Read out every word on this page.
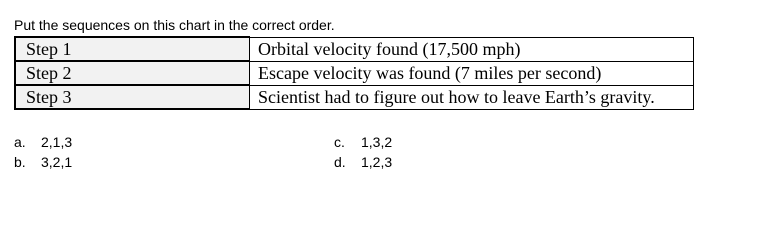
Put the sequences on this chart in the correct order.
Step 1	Orbital velocity found (17,500 mph)
Step 2	Escape velocity was found (7 miles per second)
Step 3	Scientist had to figure out how to leave Earth’s gravity.
a. 2,1,3
b. 3,2,1
c. 1,3,2
d. 1,2,3
